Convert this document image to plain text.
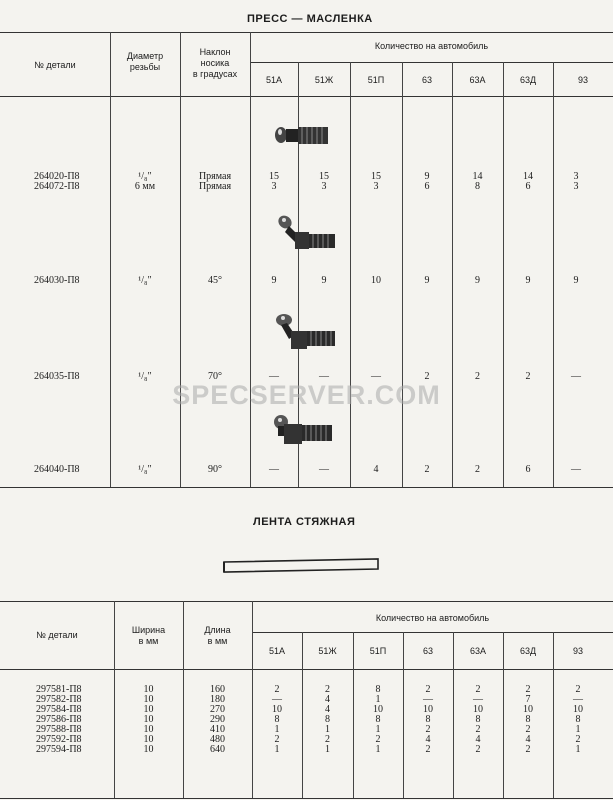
ПРЕСС — МАСЛЕНКА
№ детали
Диаметр
резьбы
Наклон
носика
в градусах
Количество на автомобиль
51А	51Ж	51П	63	63А	63Д	93
264020-П8	¹/₈″	Прямая	15	15	15	9	14	14	3
264072-П8	6 мм	Прямая	3	3	3	6	8	6	3
264030-П8	¹/₈″	45°	9	9	10	9	9	9	9
264035-П8	¹/₈″	70°	—	—	—	2	2	2	—
264040-П8	¹/₈″	90°	—	—	4	2	2	6	—
ЛЕНТА СТЯЖНАЯ
№ детали	Ширина
в мм
Длина
в мм
Количество на автомобиль
51А	51Ж	51П	63	63А	63Д	93
297581-П8	10	160	2	2	8	2	2	2	2
297582-П8	10	180	—	4	1	—	—	7	—
297584-П8	10	270	10	4	10	10	10	10	10
297586-П8	10	290	8	8	8	8	8	8	8
297588-П8	10	410	1	1	1	2	2	2	1
297592-П8	10	480	2	2	2	4	4	4	2
297594-П8	10	640	1	1	1	2	2	2	1
SPECSERVER.COM
